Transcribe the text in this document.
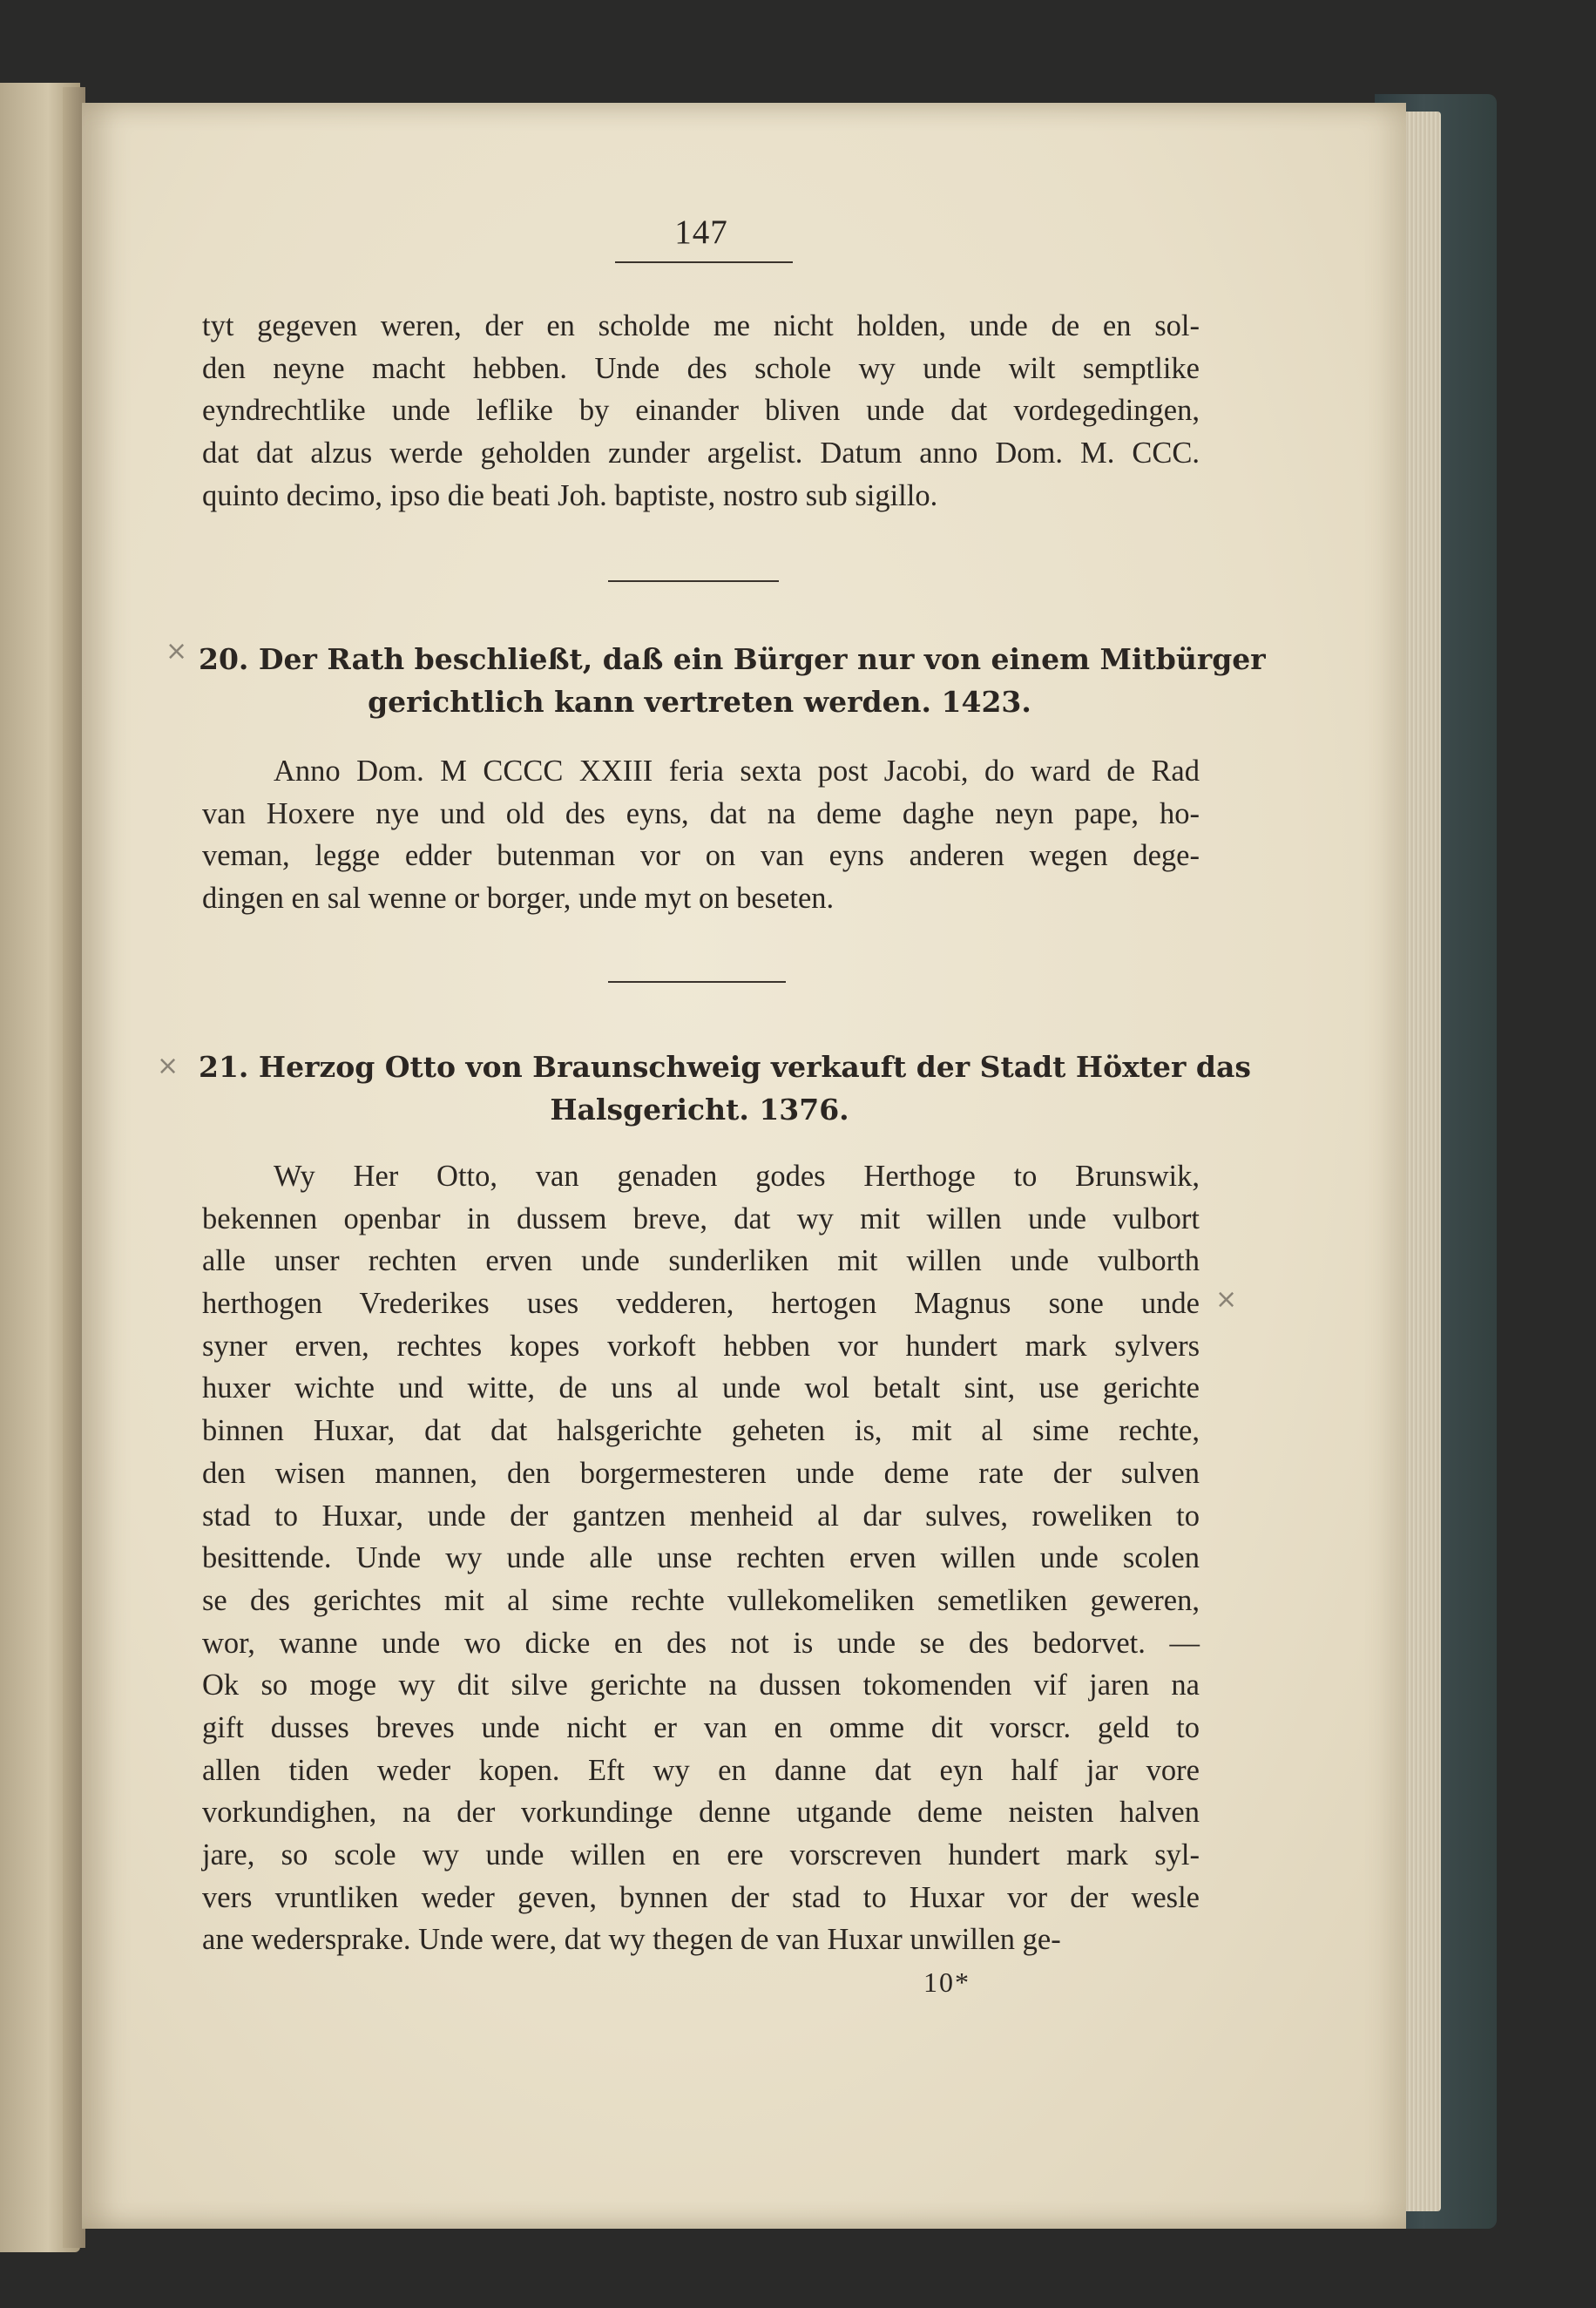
147
tyt gegeven weren, der en scholde me nicht holden, unde de en sol-
den neyne macht hebben. Unde des schole wy unde wilt semptlike
eyndrechtlike unde leflike by einander bliven unde dat vordegedingen,
dat dat alzus werde geholden zunder argelist. Datum anno Dom. M. CCC.
quinto decimo, ipso die beati Joh. baptiste, nostro sub sigillo.
× 20. Der Rath beschließt, daß ein Bürger nur von einem Mitbürger
gerichtlich kann vertreten werden. 1423.
Anno Dom. M CCCC XXIII feria sexta post Jacobi, do ward de Rad
van Hoxere nye und old des eyns, dat na deme daghe neyn pape, ho-
veman, legge edder butenman vor on van eyns anderen wegen dege-
dingen en sal wenne or borger, unde myt on beseten.
× 21. Herzog Otto von Braunschweig verkauft der Stadt Höxter das
Halsgericht. 1376.
Wy Her Otto, van genaden godes Herthoge to Brunswik,
bekennen openbar in dussem breve, dat wy mit willen unde vulbort
alle unser rechten erven unde sunderliken mit willen unde vulborth
herthogen Vrederikes uses vedderen, hertogen Magnus sone unde
syner erven, rechtes kopes vorkoft hebben vor hundert mark sylvers
huxer wichte und witte, de uns al unde wol betalt sint, use gerichte
binnen Huxar, dat dat halsgerichte geheten is, mit al sime rechte,
den wisen mannen, den borgermesteren unde deme rate der sulven
stad to Huxar, unde der gantzen menheid al dar sulves, roweliken to
besittende. Unde wy unde alle unse rechten erven willen unde scolen
se des gerichtes mit al sime rechte vullekomeliken semetliken geweren,
wor, wanne unde wo dicke en des not is unde se des bedorvet. —
Ok so moge wy dit silve gerichte na dussen tokomenden vif jaren na
gift dusses breves unde nicht er van en omme dit vorscr. geld to
allen tiden weder kopen. Eft wy en danne dat eyn half jar vore
vorkundighen, na der vorkundinge denne utgande deme neisten halven
jare, so scole wy unde willen en ere vorscreven hundert mark syl-
vers vruntliken weder geven, bynnen der stad to Huxar vor der wesle
ane wedersprake. Unde were, dat wy thegen de van Huxar unwillen ge-
×
10*
